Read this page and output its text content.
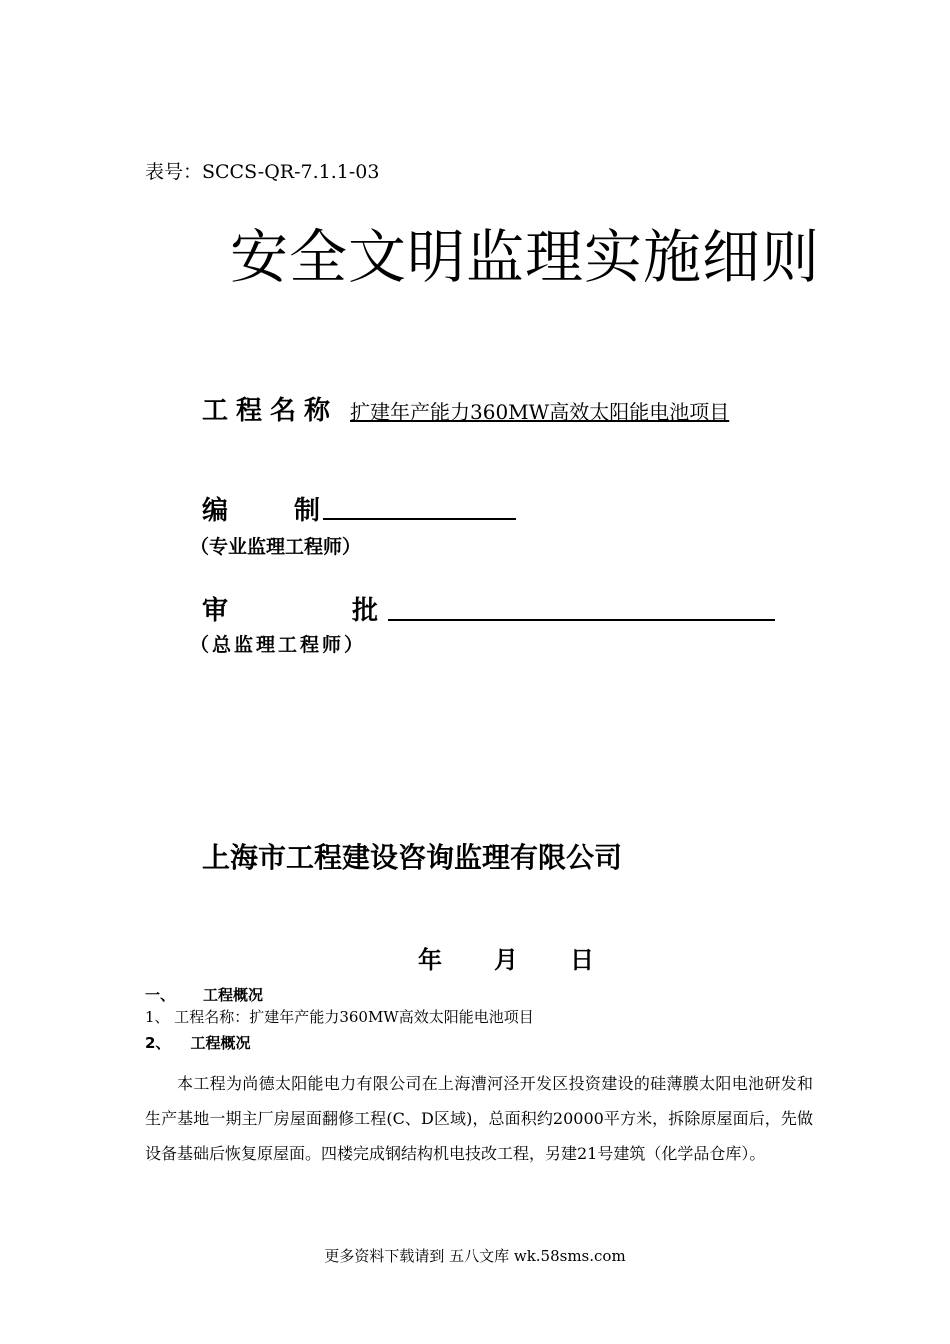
表号：SCCS-QR-7.1.1-03
安全文明监理实施细则
工程名称 扩建年产能力360MW高效太阳能电池项目
编	制
（专业监理工程师）
审	批
（总监理工程师）
上海市工程建设咨询监理有限公司
年 月 日
一、 工程概况
1、 工程名称：扩建年产能力360MW高效太阳能电池项目
2、 工程概况
本工程为尚德太阳能电力有限公司在上海漕河泾开发区投资建设的硅薄膜太阳电池研发和生产基地一期主厂房屋面翻修工程(C、D区域)，总面积约20000平方米，拆除原屋面后，先做设备基础后恢复原屋面。四楼完成钢结构机电技改工程，另建21号建筑（化学品仓库）。
更多资料下载请到 五八文库 wk.58sms.com
